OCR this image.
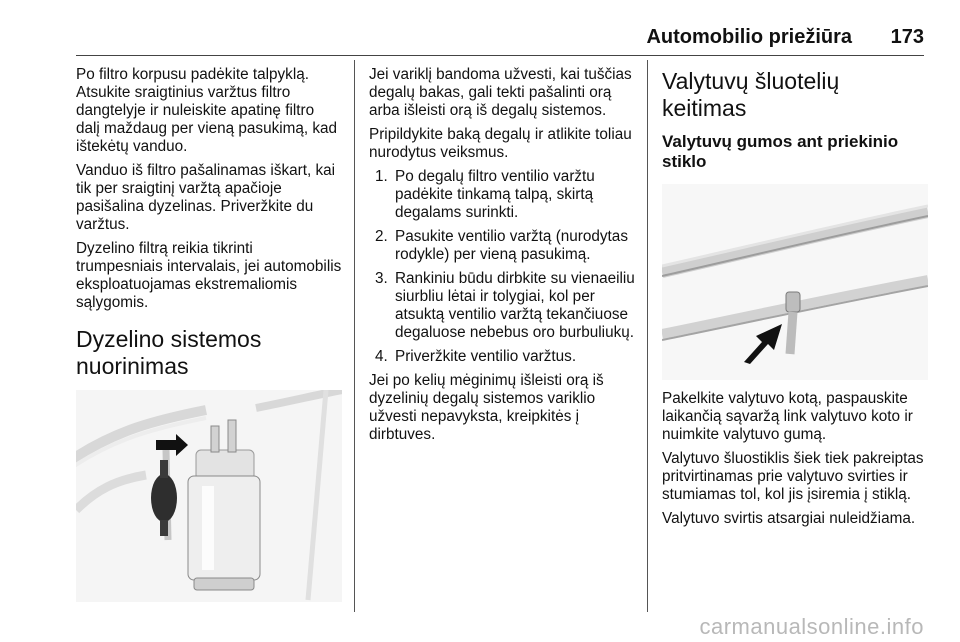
Automobilio priežiūra 173

Po filtro korpusu padėkite talpyklą. Atsukite sraigtinius varžtus filtro dangtelyje ir nuleiskite apatinę filtro dalį maždaug per vieną pasukimą, kad ištekėtų vanduo.

Vanduo iš filtro pašalinamas iškart, kai tik per sraigtinį varžtą apačioje pasišalina dyzelinas. Priveržkite du varžtus.

Dyzelino filtrą reikia tikrinti trumpesniais intervalais, jei automobilis eksploatuojamas ekstremaliomis sąlygomis.

Dyzelino sistemos nuorinimas

Jei variklį bandoma užvesti, kai tuščias degalų bakas, gali tekti pašalinti orą arba išleisti orą iš degalų sistemos.

Pripildykite baką degalų ir atlikite toliau nurodytus veiksmus.

1. Po degalų filtro ventilio varžtu padėkite tinkamą talpą, skirtą degalams surinkti.
2. Pasukite ventilio varžtą (nurodytas rodykle) per vieną pasukimą.
3. Rankiniu būdu dirbkite su vienaeiliu siurbliu lėtai ir tolygiai, kol per atsuktą ventilio varžtą tekančiuose degaluose nebebus oro burbuliukų.
4. Priveržkite ventilio varžtus.

Jei po kelių mėginimų išleisti orą iš dyzelinių degalų sistemos variklio užvesti nepavyksta, kreipkitės į dirbtuves.

Valytuvų šluotelių keitimas
Valytuvų gumos ant priekinio stiklo

Pakelkite valytuvo kotą, paspauskite laikančią sąvaržą link valytuvo koto ir nuimkite valytuvo gumą.

Valytuvo šluostiklis šiek tiek pakreiptas pritvirtinamas prie valytuvo svirties ir stumiamas tol, kol jis įsiremia į stiklą.

Valytuvo svirtis atsargiai nuleidžiama.

carmanualsonline.info
